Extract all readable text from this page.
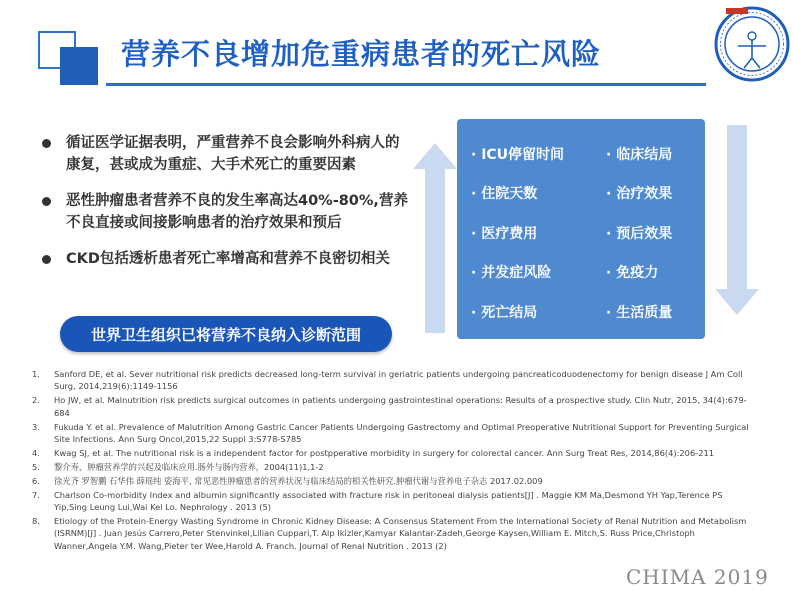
营养不良增加危重病患者的死亡风险
循证医学证据表明，严重营养不良会影响外科病人的康复，甚或成为重症、大手术死亡的重要因素
恶性肿瘤患者营养不良的发生率高达40%-80%,营养不良直接或间接影响患者的治疗效果和预后
CKD包括透析患者死亡率增高和营养不良密切相关
世界卫生组织已将营养不良纳入诊断范围
· ICU停留时间
· 住院天数
· 医疗费用
· 并发症风险
· 死亡结局
· 临床结局
· 治疗效果
· 预后效果
· 免疫力
· 生活质量
1.	Sanford DE, et al. Sever nutritional risk predicts decreased long-term survival in geriatric patients undergoing pancreaticoduodenectomy for benign disease J Am Coll Surg, 2014,219(6):1149-1156
2.	Ho JW, et al. Malnutrition risk predicts surgical outcomes in patients undergoing gastrointestinal operations: Results of a prospective study. Clin Nutr, 2015, 34(4):679-684
3.	Fukuda Y. et al. Prevalence of Malutrition Among Gastric Cancer Patients Undergoing Gastrectomy and Optimal Preoperative Nutritional Support for Preventing Surgical Site Infections. Ann Surg Oncol,2015,22 Suppl 3:S778-S785
4.	Kwag SJ, et al. The nutritional risk is a independent factor for postpperative morbidity in surgery for colorectal cancer. Ann Surg Treat Res, 2014,86(4):206-211
5.	黎介寿，肿瘤营养学的兴起及临床应用.肠外与肠内营养，2004(11)1,1-2
6.	徐光齐 罗智鹏 石华伟 薛瑶纯 姿海平, 常见恶性肿瘤患者的营养状况与临床结局的相关性研究.肿瘤代谢与营养电子杂志 2017.02.009
7.	Charlson Co-morbidity Index and albumin significantly associated with fracture risk in peritoneal dialysis patients[J] . Maggie KM Ma,Desmond YH Yap,Terence PS Yip,Sing Leung Lui,Wai Kei Lo. Nephrology . 2013 (5)
8.	Etiology of the Protein-Energy Wasting Syndrome in Chronic Kidney Disease: A Consensus Statement From the International Society of Renal Nutrition and Metabolism (ISRNM)[J] . Juan Jesús Carrero,Peter Stenvinkel,Lilian Cuppari,T. Alp Ikizler,Kamyar Kalantar-Zadeh,George Kaysen,William E. Mitch,S. Russ Price,Christoph Wanner,Angela Y.M. Wang,Pieter ter Wee,Harold A. Franch. Journal of Renal Nutrition . 2013 (2)
CHIMA 2019
